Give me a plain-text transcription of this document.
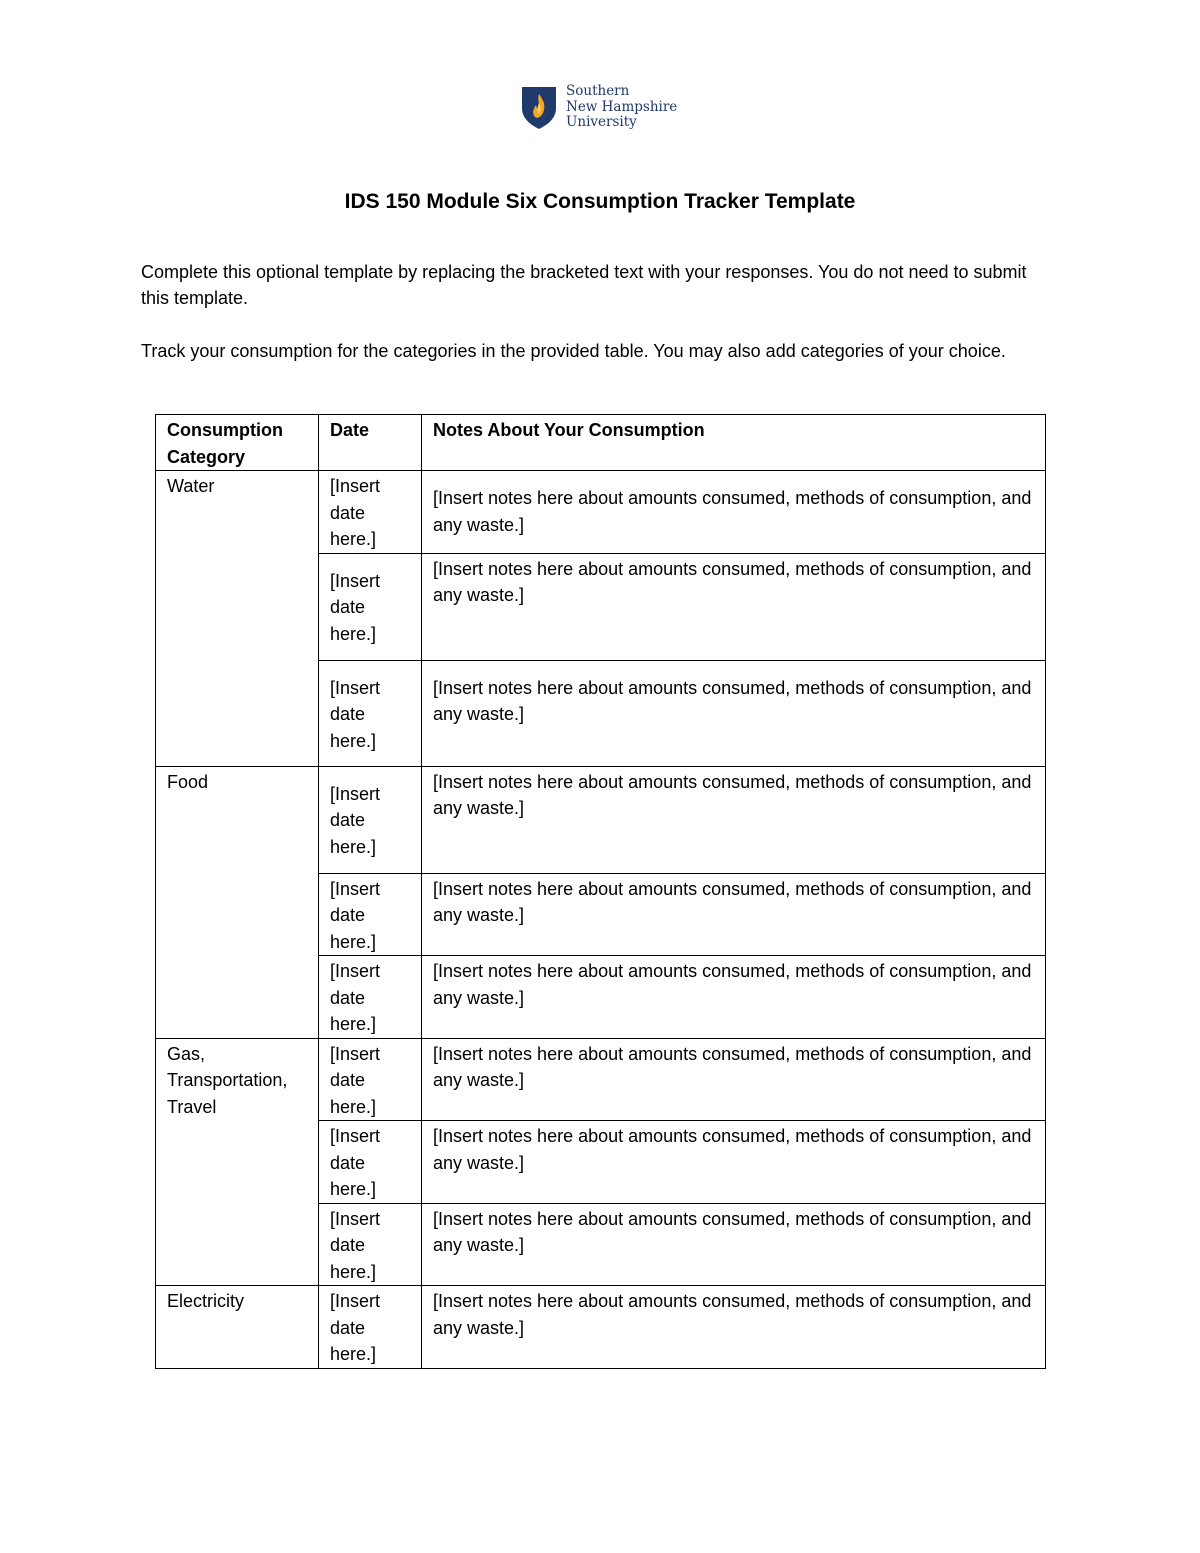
Southern
New Hampshire
University
IDS 150 Module Six Consumption Tracker Template
Complete this optional template by replacing the bracketed text with your responses. You do not need to submit this template.
Track your consumption for the categories in the provided table. You may also add categories of your choice.
Consumption Category	Date	Notes About Your Consumption
Water	[Insert date here.]	[Insert notes here about amounts consumed, methods of consumption, and any waste.]
	[Insert date here.]	[Insert notes here about amounts consumed, methods of consumption, and any waste.]
	[Insert date here.]	[Insert notes here about amounts consumed, methods of consumption, and any waste.]
Food	[Insert date here.]	[Insert notes here about amounts consumed, methods of consumption, and any waste.]
	[Insert date here.]	[Insert notes here about amounts consumed, methods of consumption, and any waste.]
	[Insert date here.]	[Insert notes here about amounts consumed, methods of consumption, and any waste.]
Gas, Transportation, Travel	[Insert date here.]	[Insert notes here about amounts consumed, methods of consumption, and any waste.]
	[Insert date here.]	[Insert notes here about amounts consumed, methods of consumption, and any waste.]
	[Insert date here.]	[Insert notes here about amounts consumed, methods of consumption, and any waste.]
Electricity	[Insert date here.]	[Insert notes here about amounts consumed, methods of consumption, and any waste.]
